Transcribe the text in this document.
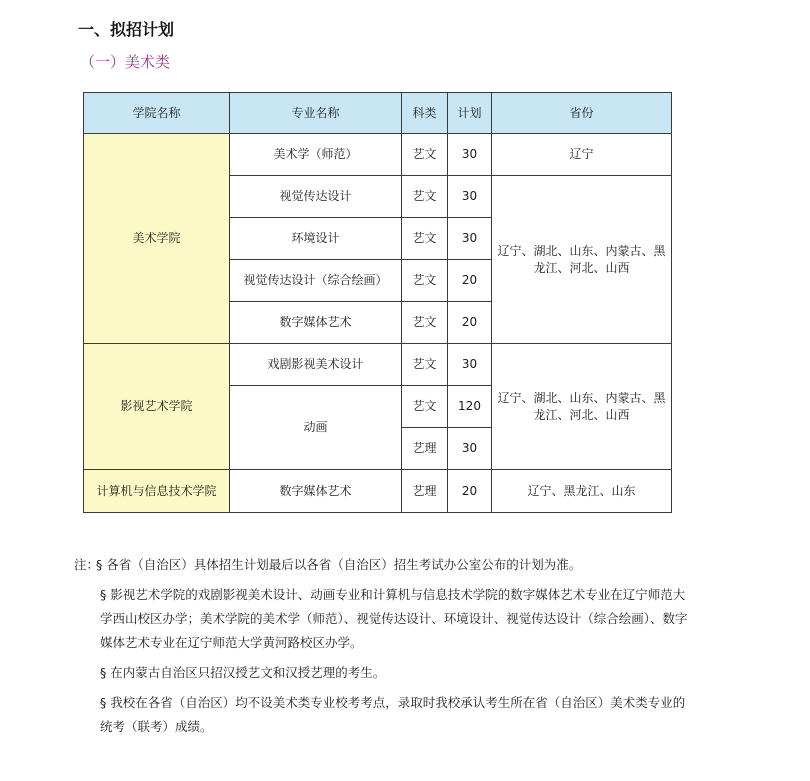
一、拟招计划
（一）美术类
学院名称	专业名称	科类	计划	省份
美术学院	美术学（师范）	艺文	30	辽宁
	视觉传达设计	艺文	30	辽宁、湖北、山东、内蒙古、黑龙江、河北、山西
	环境设计	艺文	30	
	视觉传达设计（综合绘画）	艺文	20	
	数字媒体艺术	艺文	20	
影视艺术学院	戏剧影视美术设计	艺文	30	辽宁、湖北、山东、内蒙古、黑龙江、河北、山西
	动画	艺文	120	
		艺理	30	
计算机与信息技术学院	数字媒体艺术	艺理	20	辽宁、黑龙江、山东

注：§ 各省（自治区）具体招生计划最后以各省（自治区）招生考试办公室公布的计划为准。

§ 影视艺术学院的戏剧影视美术设计、动画专业和计算机与信息技术学院的数字媒体艺术专业在辽宁师范大学西山校区办学；美术学院的美术学（师范）、视觉传达设计、环境设计、视觉传达设计（综合绘画）、数字媒体艺术专业在辽宁师范大学黄河路校区办学。

§ 在内蒙古自治区只招汉授艺文和汉授艺理的考生。

§ 我校在各省（自治区）均不设美术类专业校考考点，录取时我校承认考生所在省（自治区）美术类专业的统考（联考）成绩。
